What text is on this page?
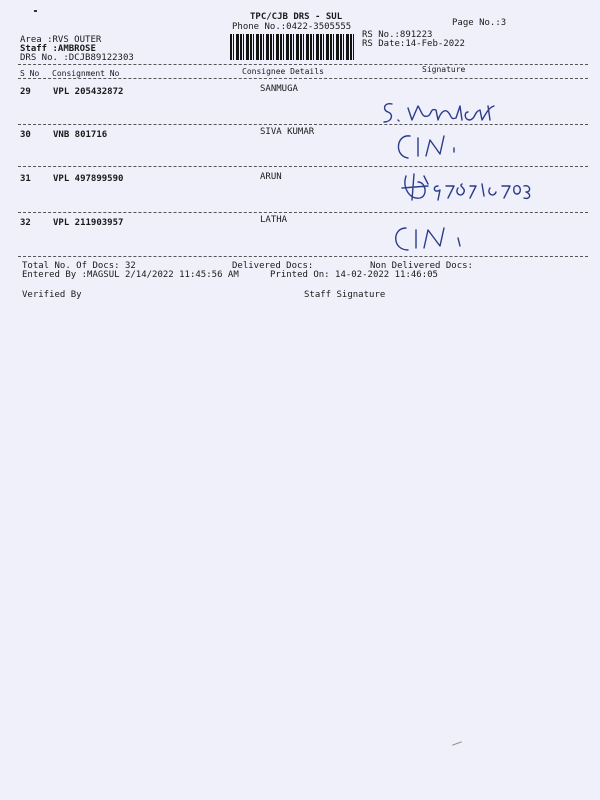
TPC/CJB DRS - SUL
Phone No.:0422-3505555	Page No.:3
RS No.:891223
RS Date:14-Feb-2022
Area :RVS OUTER
Staff :AMBROSE
DRS No. :DCJB89122303
S No Consignment No	Consignee Details	Signature
29 VPL 205432872	SANMUGA
30 VNB 801716	SIVA KUMAR
31 VPL 497899590	ARUN
32 VPL 211903957	LATHA
Total No. Of Docs: 32	Delivered Docs:	Non Delivered Docs:
Entered By :MAGSUL 2/14/2022 11:45:56 AM	Printed On: 14-02-2022 11:46:05
Verified By	Staff Signature
